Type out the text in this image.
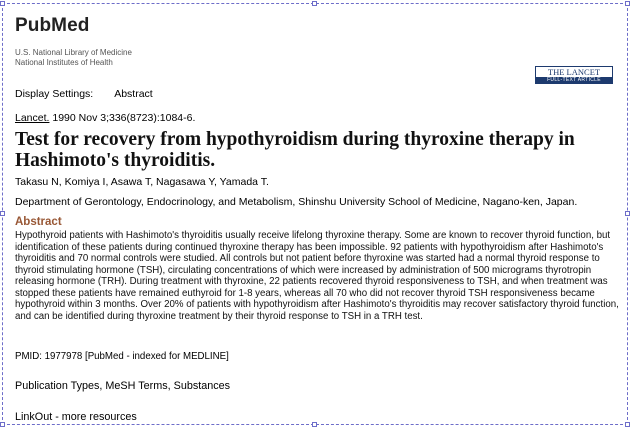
PubMed
U.S. National Library of Medicine
National Institutes of Health
THE LANCET
FULL-TEXT ARTICLE
Display Settings: Abstract
Lancet. 1990 Nov 3;336(8723):1084-6.
Test for recovery from hypothyroidism during thyroxine therapy in Hashimoto's thyroiditis.
Takasu N, Komiya I, Asawa T, Nagasawa Y, Yamada T.
Department of Gerontology, Endocrinology, and Metabolism, Shinshu University School of Medicine, Nagano-ken, Japan.
Abstract
Hypothyroid patients with Hashimoto's thyroiditis usually receive lifelong thyroxine therapy. Some are known to recover thyroid function, but identification of these patients during continued thyroxine therapy has been impossible. 92 patients with hypothyroidism after Hashimoto's thyroiditis and 70 normal controls were studied. All controls but not patient before thyroxine was started had a normal thyroid response to thyroid stimulating hormone (TSH), circulating concentrations of which were increased by administration of 500 micrograms thyrotropin releasing hormone (TRH). During treatment with thyroxine, 22 patients recovered thyroid responsiveness to TSH, and when treatment was stopped these patients have remained euthyroid for 1-8 years, whereas all 70 who did not recover thyroid TSH responsiveness became hypothyroid within 3 months. Over 20% of patients with hypothyroidism after Hashimoto's thyroiditis may recover satisfactory thyroid function, and can be identified during thyroxine treatment by their thyroid response to TSH in a TRH test.
PMID: 1977978 [PubMed - indexed for MEDLINE]
Publication Types, MeSH Terms, Substances
LinkOut - more resources
